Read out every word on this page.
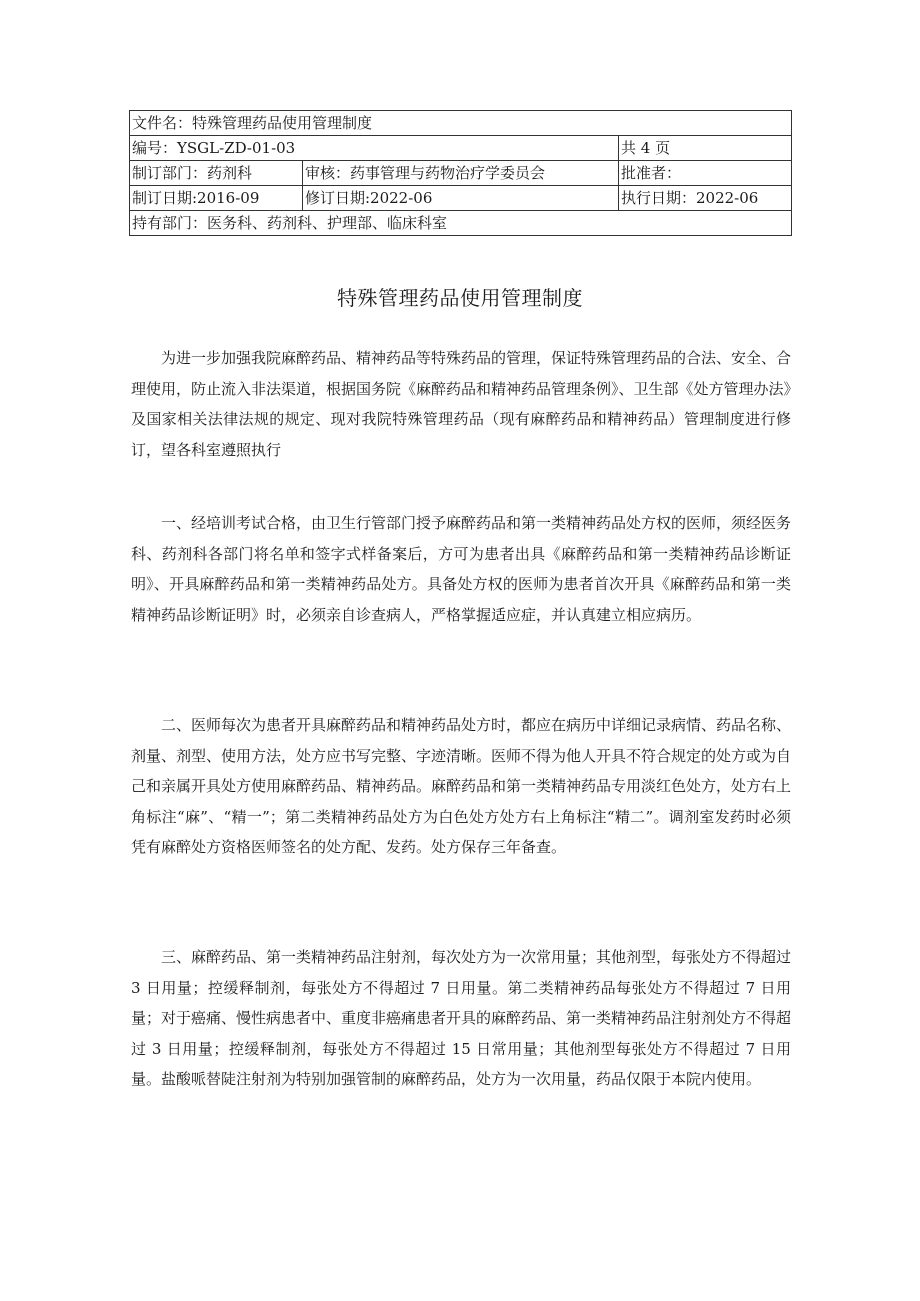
文件名：特殊管理药品使用管理制度		
编号：YSGL-ZD-01-03		共 4 页
制订部门：药剂科	审核：药事管理与药物治疗学委员会	批准者：
制订日期:2016-09	修订日期:2022-06	执行日期：2022-06
持有部门：医务科、药剂科、护理部、临床科室		
特殊管理药品使用管理制度

为进一步加强我院麻醉药品、精神药品等特殊药品的管理，保证特殊管理药品的合法、安全、合理使用，防止流入非法渠道，根据国务院《麻醉药品和精神药品管理条例》、卫生部《处方管理办法》及国家相关法律法规的规定、现对我院特殊管理药品（现有麻醉药品和精神药品）管理制度进行修订，望各科室遵照执行

一、经培训考试合格，由卫生行管部门授予麻醉药品和第一类精神药品处方权的医师，须经医务科、药剂科各部门将名单和签字式样备案后，方可为患者出具《麻醉药品和第一类精神药品诊断证明》、开具麻醉药品和第一类精神药品处方。具备处方权的医师为患者首次开具《麻醉药品和第一类精神药品诊断证明》时，必须亲自诊查病人，严格掌握适应症，并认真建立相应病历。

二、医师每次为患者开具麻醉药品和精神药品处方时，都应在病历中详细记录病情、药品名称、剂量、剂型、使用方法，处方应书写完整、字迹清晰。医师不得为他人开具不符合规定的处方或为自己和亲属开具处方使用麻醉药品、精神药品。麻醉药品和第一类精神药品专用淡红色处方，处方右上角标注“麻”、“精一”；第二类精神药品处方为白色处方处方右上角标注“精二”。调剂室发药时必须凭有麻醉处方资格医师签名的处方配、发药。处方保存三年备查。

三、麻醉药品、第一类精神药品注射剂，每次处方为一次常用量；其他剂型，每张处方不得超过 3 日用量；控缓释制剂，每张处方不得超过 7 日用量。第二类精神药品每张处方不得超过 7 日用量；对于癌痛、慢性病患者中、重度非癌痛患者开具的麻醉药品、第一类精神药品注射剂处方不得超过 3 日用量；控缓释制剂，每张处方不得超过 15 日常用量；其他剂型每张处方不得超过 7 日用量。盐酸哌替陡注射剂为特别加强管制的麻醉药品，处方为一次用量，药品仅限于本院内使用。
